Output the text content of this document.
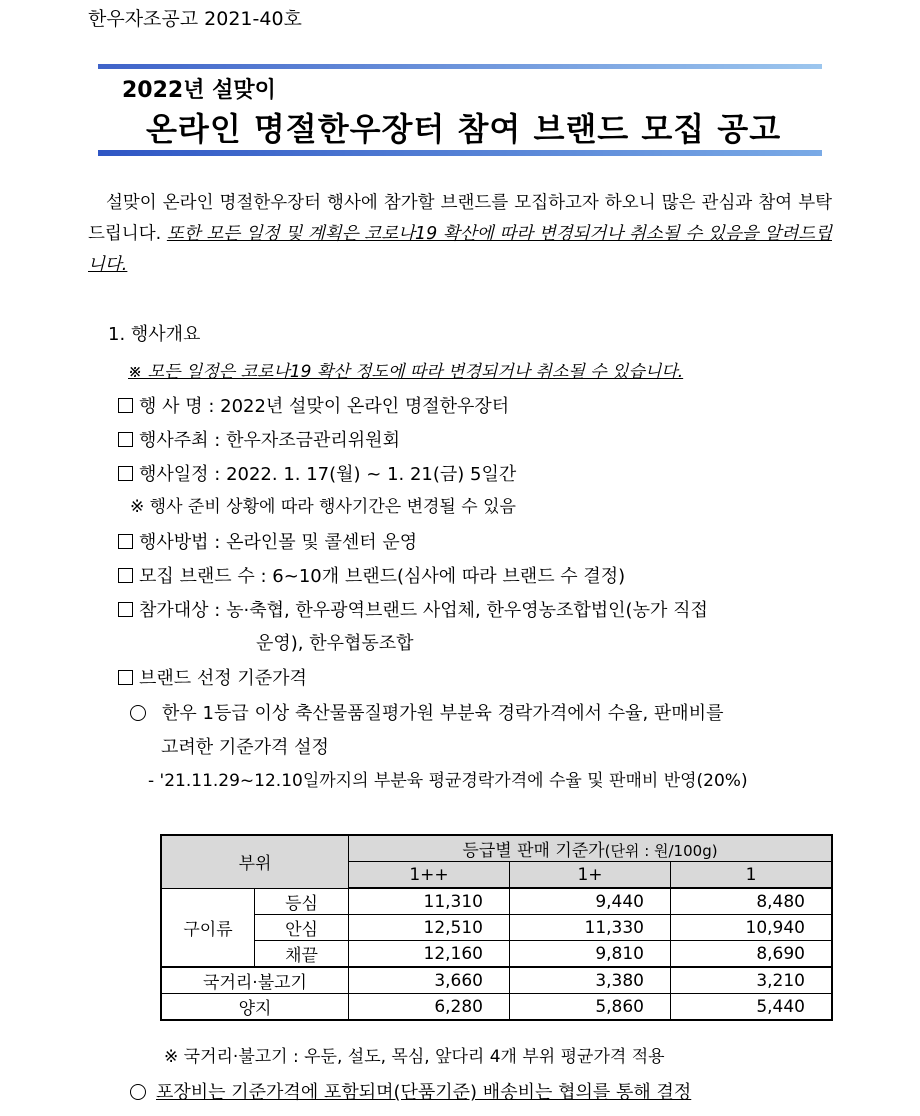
한우자조공고 2021-40호
2022년 설맞이
온라인 명절한우장터 참여 브랜드 모집 공고
설맞이 온라인 명절한우장터 행사에 참가할 브랜드를 모집하고자 하오니 많은 관심과 참여 부탁드립니다. 또한 모든 일정 및 계획은 코로나19 확산에 따라 변경되거나 취소될 수 있음을 알려드립니다.
1. 행사개요
※ 모든 일정은 코로나19 확산 정도에 따라 변경되거나 취소될 수 있습니다.
행 사 명 : 2022년 설맞이 온라인 명절한우장터
행사주최 : 한우자조금관리위원회
행사일정 : 2022. 1. 17(월) ~ 1. 21(금) 5일간
※ 행사 준비 상황에 따라 행사기간은 변경될 수 있음
행사방법 : 온라인몰 및 콜센터 운영
모집 브랜드 수 : 6~10개 브랜드(심사에 따라 브랜드 수 결정)
참가대상 : 농·축협, 한우광역브랜드 사업체, 한우영농조합법인(농가 직접
운영), 한우협동조합
브랜드 선정 기준가격
한우 1등급 이상 축산물품질평가원 부분육 경락가격에서 수율, 판매비를
고려한 기준가격 설정
- '21.11.29~12.10일까지의 부분육 평균경락가격에 수율 및 판매비 반영(20%)
부위		등급별 판매 기준가(단위 : 원/100g)		
		1++	1+	1
구이류	등심	11,310	9,440	8,480
	안심	12,510	11,330	10,940
	채끝	12,160	9,810	8,690
국거리·불고기		3,660	3,380	3,210
양지		6,280	5,860	5,440
※ 국거리·불고기 : 우둔, 설도, 목심, 앞다리 4개 부위 평균가격 적용
포장비는 기준가격에 포함되며(단품기준) 배송비는 협의를 통해 결정
